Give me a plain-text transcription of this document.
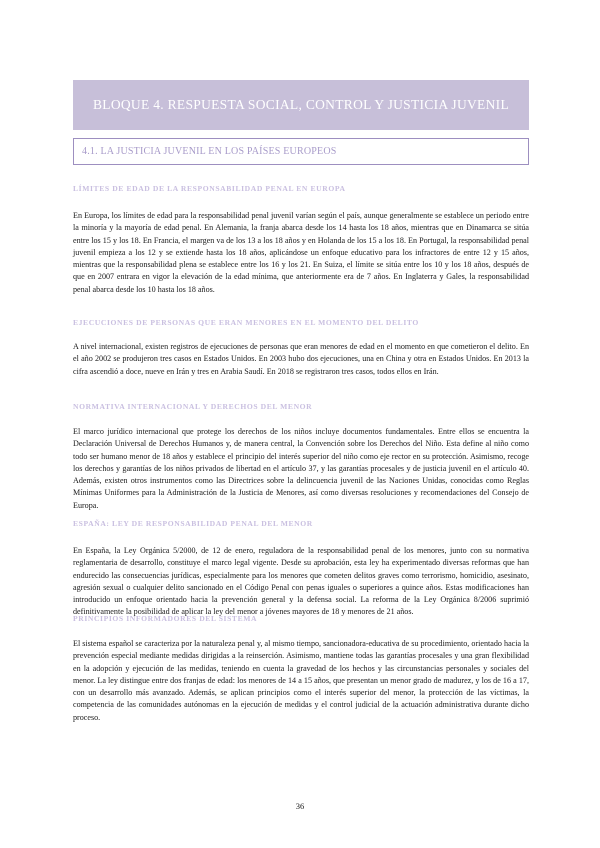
BLOQUE 4. RESPUESTA SOCIAL, CONTROL Y JUSTICIA JUVENIL
4.1. LA JUSTICIA JUVENIL EN LOS PAÍSES EUROPEOS

LÍMITES DE EDAD DE LA RESPONSABILIDAD PENAL EN EUROPA

En Europa, los límites de edad para la responsabilidad penal juvenil varían según el país, aunque generalmente se establece un periodo entre la minoría y la mayoría de edad penal. En Alemania, la franja abarca desde los 14 hasta los 18 años, mientras que en Dinamarca se sitúa entre los 15 y los 18. En Francia, el margen va de los 13 a los 18 años y en Holanda de los 15 a los 18. En Portugal, la responsabilidad penal juvenil empieza a los 12 y se extiende hasta los 18 años, aplicándose un enfoque educativo para los infractores de entre 12 y 15 años, mientras que la responsabilidad plena se establece entre los 16 y los 21. En Suiza, el límite se sitúa entre los 10 y los 18 años, después de que en 2007 entrara en vigor la elevación de la edad mínima, que anteriormente era de 7 años. En Inglaterra y Gales, la responsabilidad penal abarca desde los 10 hasta los 18 años.

EJECUCIONES DE PERSONAS QUE ERAN MENORES EN EL MOMENTO DEL DELITO

A nivel internacional, existen registros de ejecuciones de personas que eran menores de edad en el momento en que cometieron el delito. En el año 2002 se produjeron tres casos en Estados Unidos. En 2003 hubo dos ejecuciones, una en China y otra en Estados Unidos. En 2013 la cifra ascendió a doce, nueve en Irán y tres en Arabia Saudí. En 2018 se registraron tres casos, todos ellos en Irán.

NORMATIVA INTERNACIONAL Y DERECHOS DEL MENOR

El marco jurídico internacional que protege los derechos de los niños incluye documentos fundamentales. Entre ellos se encuentra la Declaración Universal de Derechos Humanos y, de manera central, la Convención sobre los Derechos del Niño. Esta define al niño como todo ser humano menor de 18 años y establece el principio del interés superior del niño como eje rector en su protección. Asimismo, recoge los derechos y garantías de los niños privados de libertad en el artículo 37, y las garantías procesales y de justicia juvenil en el artículo 40. Además, existen otros instrumentos como las Directrices sobre la delincuencia juvenil de las Naciones Unidas, conocidas como Reglas Mínimas Uniformes para la Administración de la Justicia de Menores, así como diversas resoluciones y recomendaciones del Consejo de Europa.

ESPAÑA: LEY DE RESPONSABILIDAD PENAL DEL MENOR

En España, la Ley Orgánica 5/2000, de 12 de enero, reguladora de la responsabilidad penal de los menores, junto con su normativa reglamentaria de desarrollo, constituye el marco legal vigente. Desde su aprobación, esta ley ha experimentado diversas reformas que han endurecido las consecuencias jurídicas, especialmente para los menores que cometen delitos graves como terrorismo, homicidio, asesinato, agresión sexual o cualquier delito sancionado en el Código Penal con penas iguales o superiores a quince años. Estas modificaciones han introducido un enfoque orientado hacia la prevención general y la defensa social. La reforma de la Ley Orgánica 8/2006 suprimió definitivamente la posibilidad de aplicar la ley del menor a jóvenes mayores de 18 y menores de 21 años.

PRINCIPIOS INFORMADORES DEL SISTEMA

El sistema español se caracteriza por la naturaleza penal y, al mismo tiempo, sancionadora-educativa de su procedimiento, orientado hacia la prevención especial mediante medidas dirigidas a la reinserción. Asimismo, mantiene todas las garantías procesales y una gran flexibilidad en la adopción y ejecución de las medidas, teniendo en cuenta la gravedad de los hechos y las circunstancias personales y sociales del menor. La ley distingue entre dos franjas de edad: los menores de 14 a 15 años, que presentan un menor grado de madurez, y los de 16 a 17, con un desarrollo más avanzado. Además, se aplican principios como el interés superior del menor, la protección de las víctimas, la competencia de las comunidades autónomas en la ejecución de medidas y el control judicial de la actuación administrativa durante dicho proceso.

36
